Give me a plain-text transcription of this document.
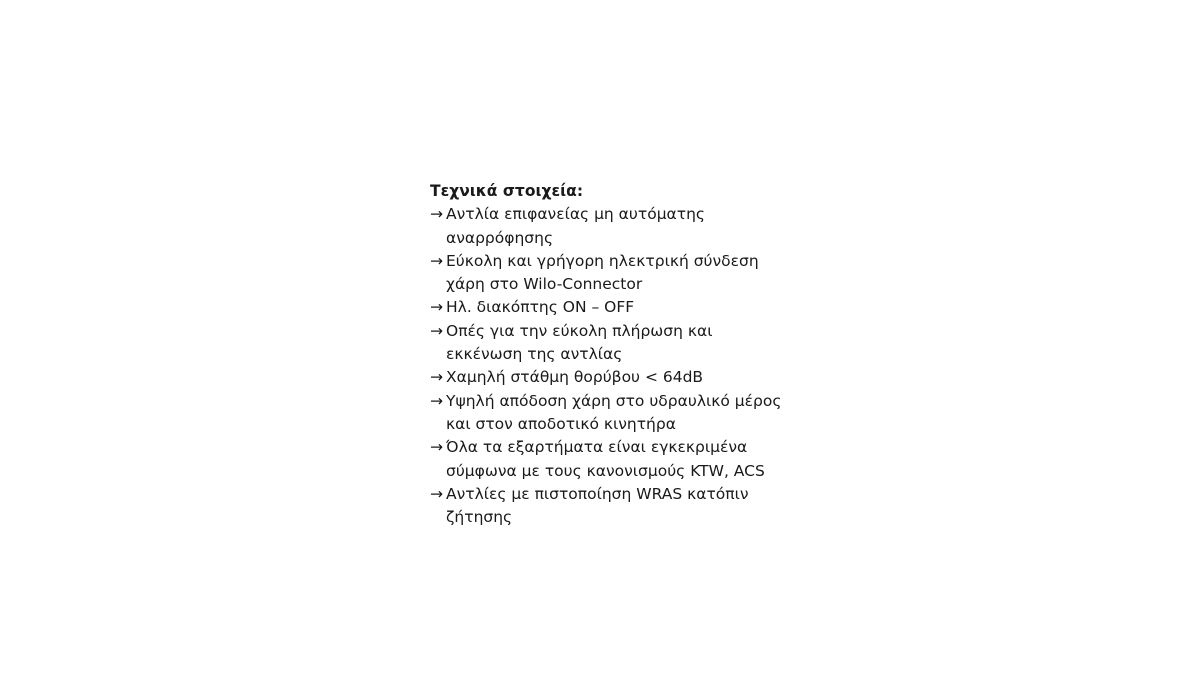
Τεχνικά στοιχεία:
→ Αντλία επιφανείας μη αυτόματης
αναρρόφησης
→ Εύκολη και γρήγορη ηλεκτρική σύνδεση
χάρη στο Wilo-Connector
→ Ηλ. διακόπτης ON – OFF
→ Οπές για την εύκολη πλήρωση και
εκκένωση της αντλίας
→ Χαμηλή στάθμη θορύβου < 64dB
→ Υψηλή απόδοση χάρη στο υδραυλικό μέρος
και στον αποδοτικό κινητήρα
→ Όλα τα εξαρτήματα είναι εγκεκριμένα
σύμφωνα με τους κανονισμούς KTW, ACS
→ Αντλίες με πιστοποίηση WRAS κατόπιν
ζήτησης
